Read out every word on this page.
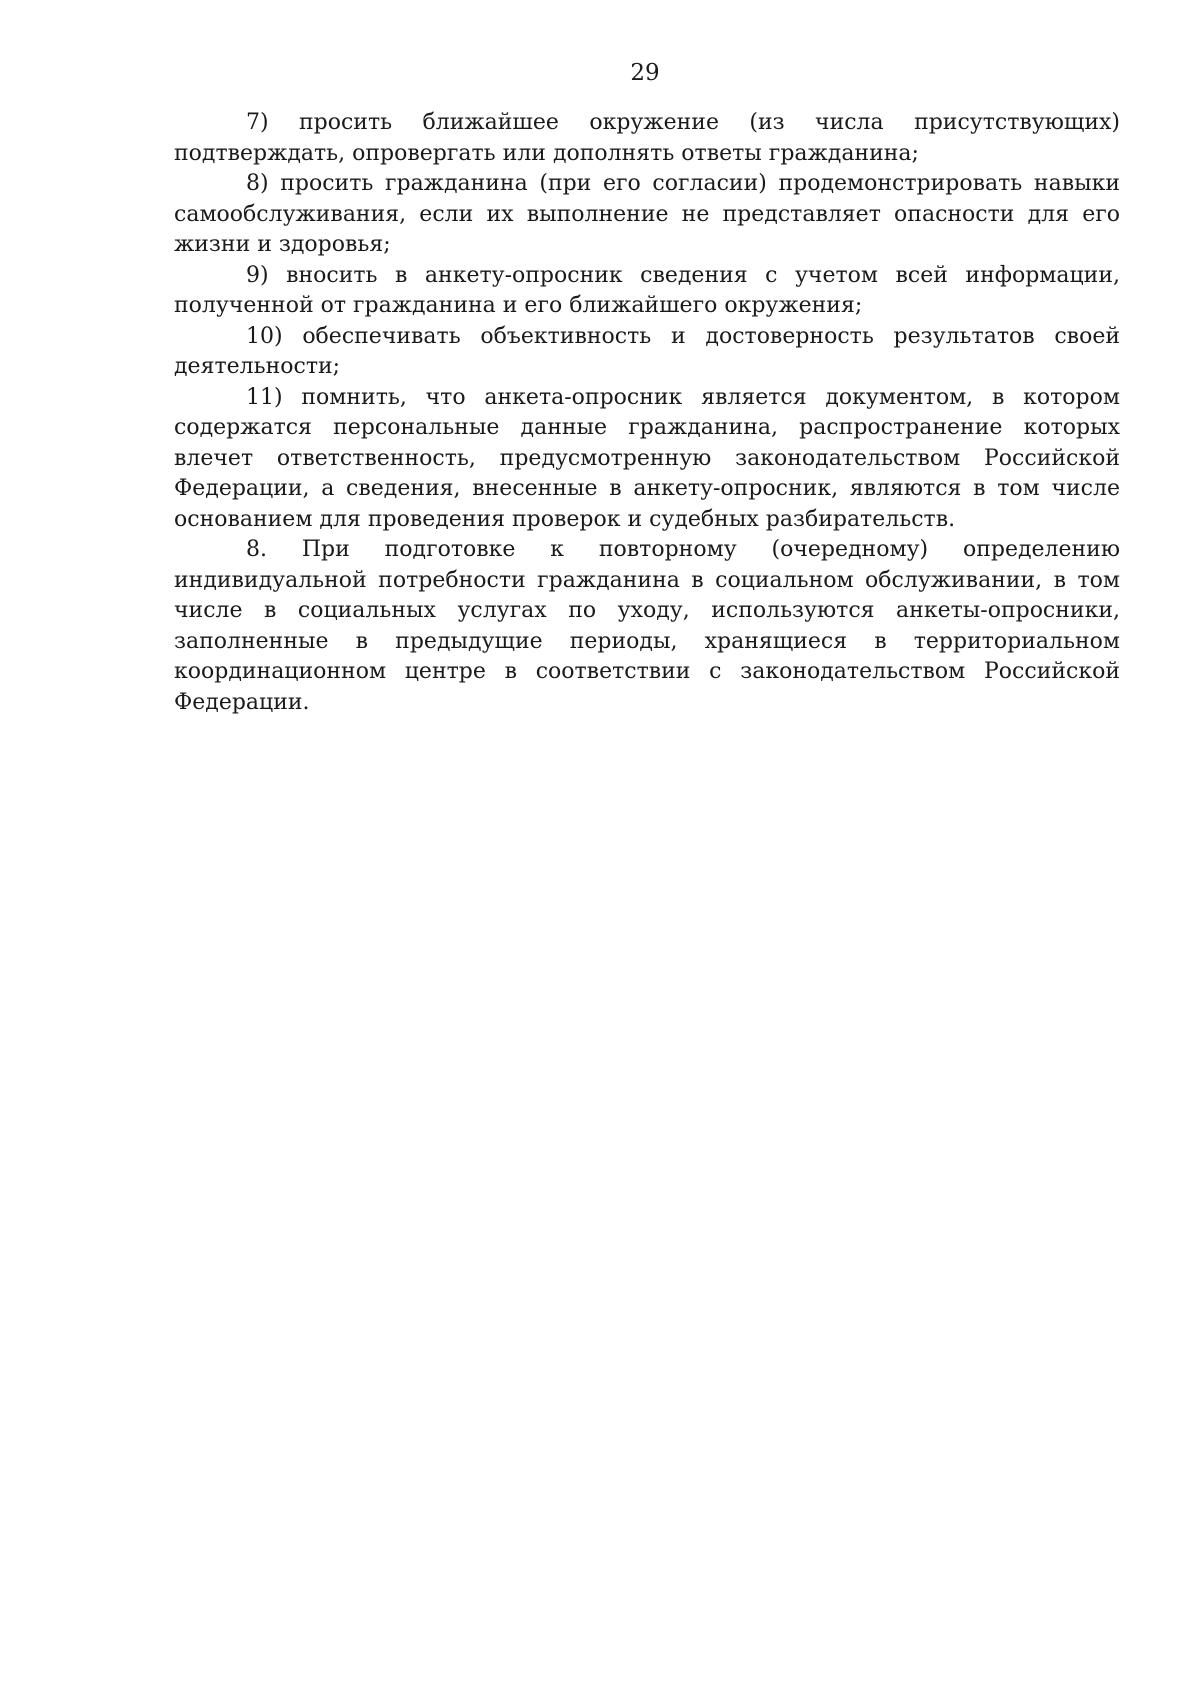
29

7) просить ближайшее окружение (из числа присутствующих) подтверждать, опровергать или дополнять ответы гражданина;

8) просить гражданина (при его согласии) продемонстрировать навыки самообслуживания, если их выполнение не представляет опасности для его жизни и здоровья;

9) вносить в анкету-опросник сведения с учетом всей информации, полученной от гражданина и его ближайшего окружения;

10) обеспечивать объективность и достоверность результатов своей деятельности;

11) помнить, что анкета-опросник является документом, в котором содержатся персональные данные гражданина, распространение которых влечет ответственность, предусмотренную законодательством Российской Федерации, а сведения, внесенные в анкету-опросник, являются в том числе основанием для проведения проверок и судебных разбирательств.

8. При подготовке к повторному (очередному) определению индивидуальной потребности гражданина в социальном обслуживании, в том числе в социальных услугах по уходу, используются анкеты-опросники, заполненные в предыдущие периоды, хранящиеся в территориальном координационном центре в соответствии с законодательством Российской Федерации.
